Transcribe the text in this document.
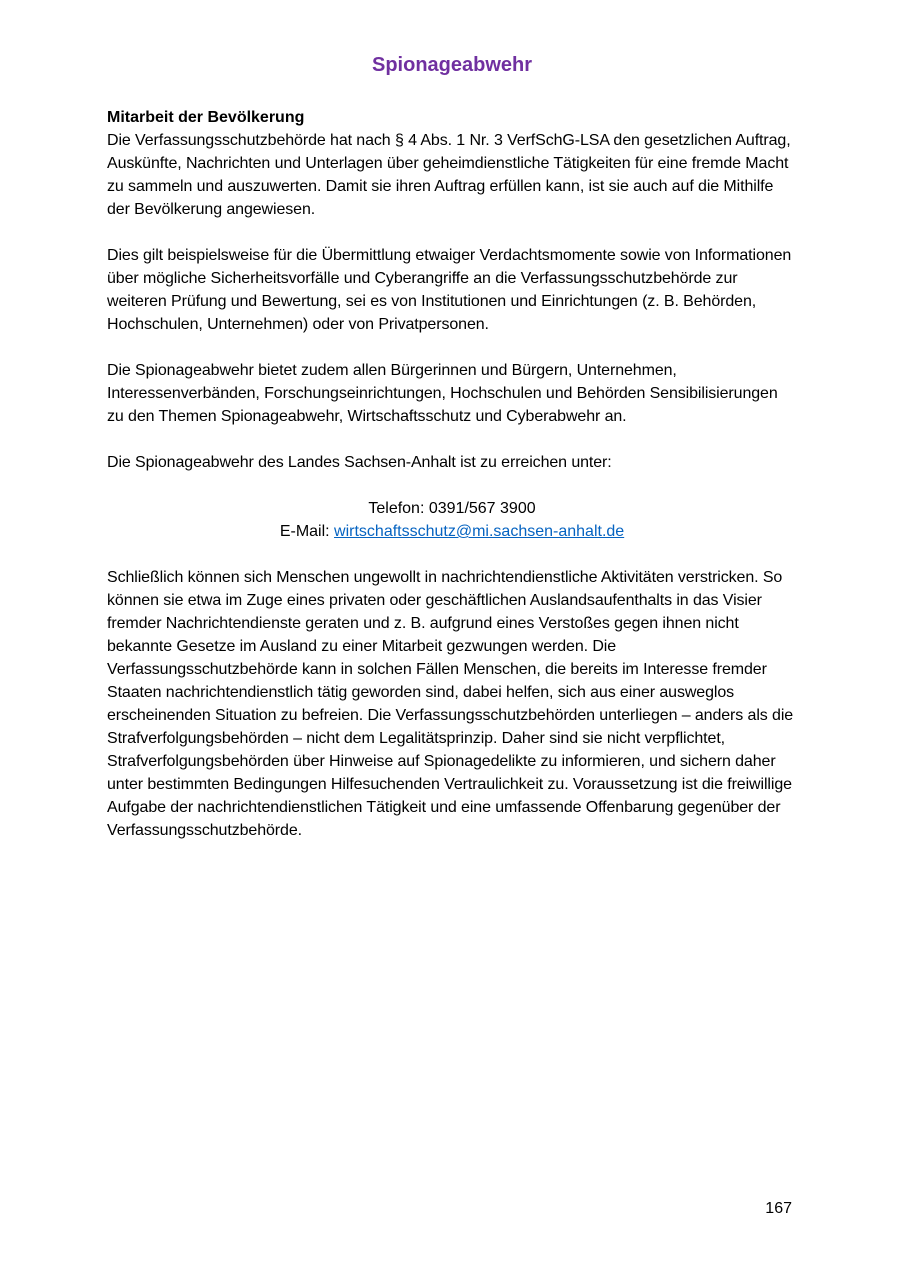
Spionageabwehr

Mitarbeit der Bevölkerung

Die Verfassungsschutzbehörde hat nach § 4 Abs. 1 Nr. 3 VerfSchG-LSA den gesetzlichen Auftrag, Auskünfte, Nachrichten und Unterlagen über geheimdienstliche Tätigkeiten für eine fremde Macht zu sammeln und auszuwerten. Damit sie ihren Auftrag erfüllen kann, ist sie auch auf die Mithilfe der Bevölkerung angewiesen.

Dies gilt beispielsweise für die Übermittlung etwaiger Verdachtsmomente sowie von Informationen über mögliche Sicherheitsvorfälle und Cyberangriffe an die Verfassungsschutzbehörde zur weiteren Prüfung und Bewertung, sei es von Institutionen und Einrichtungen (z. B. Behörden, Hochschulen, Unternehmen) oder von Privatpersonen.

Die Spionageabwehr bietet zudem allen Bürgerinnen und Bürgern, Unternehmen, Interessenverbänden, Forschungseinrichtungen, Hochschulen und Behörden Sensibilisierungen zu den Themen Spionageabwehr, Wirtschaftsschutz und Cyberabwehr an.

Die Spionageabwehr des Landes Sachsen-Anhalt ist zu erreichen unter:

Telefon: 0391/567 3900
E-Mail: wirtschaftsschutz@mi.sachsen-anhalt.de

Schließlich können sich Menschen ungewollt in nachrichtendienstliche Aktivitäten verstricken. So können sie etwa im Zuge eines privaten oder geschäftlichen Auslandsaufenthalts in das Visier fremder Nachrichtendienste geraten und z. B. aufgrund eines Verstoßes gegen ihnen nicht bekannte Gesetze im Ausland zu einer Mitarbeit gezwungen werden. Die Verfassungsschutzbehörde kann in solchen Fällen Menschen, die bereits im Interesse fremder Staaten nachrichtendienstlich tätig geworden sind, dabei helfen, sich aus einer ausweglos erscheinenden Situation zu befreien. Die Verfassungsschutzbehörden unterliegen – anders als die Strafverfolgungsbehörden – nicht dem Legalitätsprinzip. Daher sind sie nicht verpflichtet, Strafverfolgungsbehörden über Hinweise auf Spionagedelikte zu informieren, und sichern daher unter bestimmten Bedingungen Hilfesuchenden Vertraulichkeit zu. Voraussetzung ist die freiwillige Aufgabe der nachrichtendienstlichen Tätigkeit und eine umfassende Offenbarung gegenüber der Verfassungsschutzbehörde.

167
